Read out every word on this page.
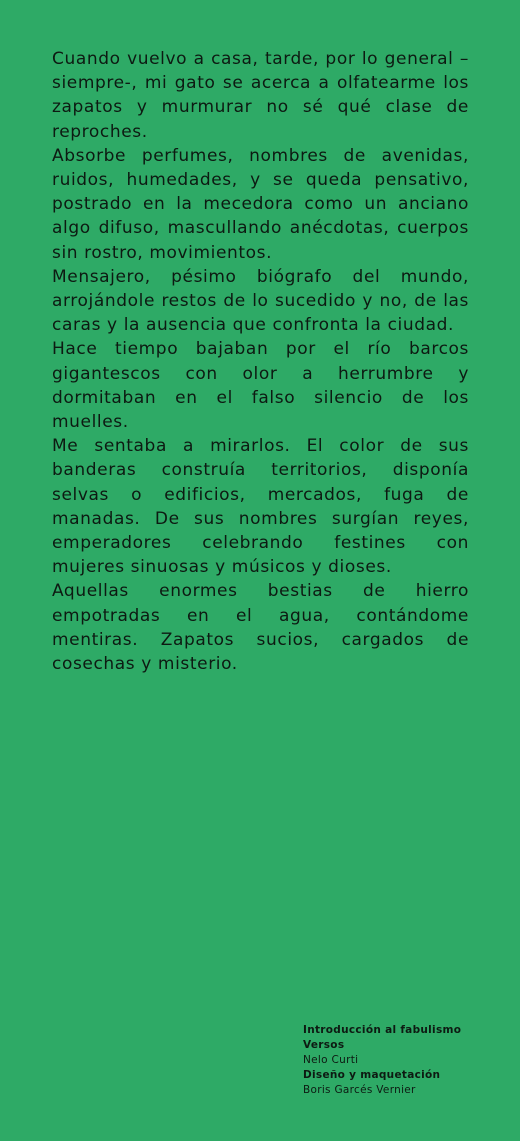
Cuando vuelvo a casa, tarde, por lo general –siempre-, mi gato se acerca a olfatearme los zapatos y murmurar no sé qué clase de reproches.

Absorbe perfumes, nombres de avenidas, ruidos, humedades, y se queda pensativo, postrado en la mecedora como un anciano algo difuso, mascullando anécdotas, cuerpos sin rostro, movimientos.

Mensajero, pésimo biógrafo del mundo, arrojándole restos de lo sucedido y no, de las caras y la ausencia que confronta la ciudad.

Hace tiempo bajaban por el río barcos gigantescos con olor a herrumbre y dormitaban en el falso silencio de los muelles.

Me sentaba a mirarlos. El color de sus banderas construía territorios, disponía selvas o edificios, mercados, fuga de manadas. De sus nombres surgían reyes, emperadores celebrando festines con mujeres sinuosas y músicos y dioses.

Aquellas enormes bestias de hierro empotradas en el agua, contándome mentiras. Zapatos sucios, cargados de cosechas y misterio.

Introducción al fabulismo
Versos
Nelo Curti
Diseño y maquetación
Boris Garcés Vernier
